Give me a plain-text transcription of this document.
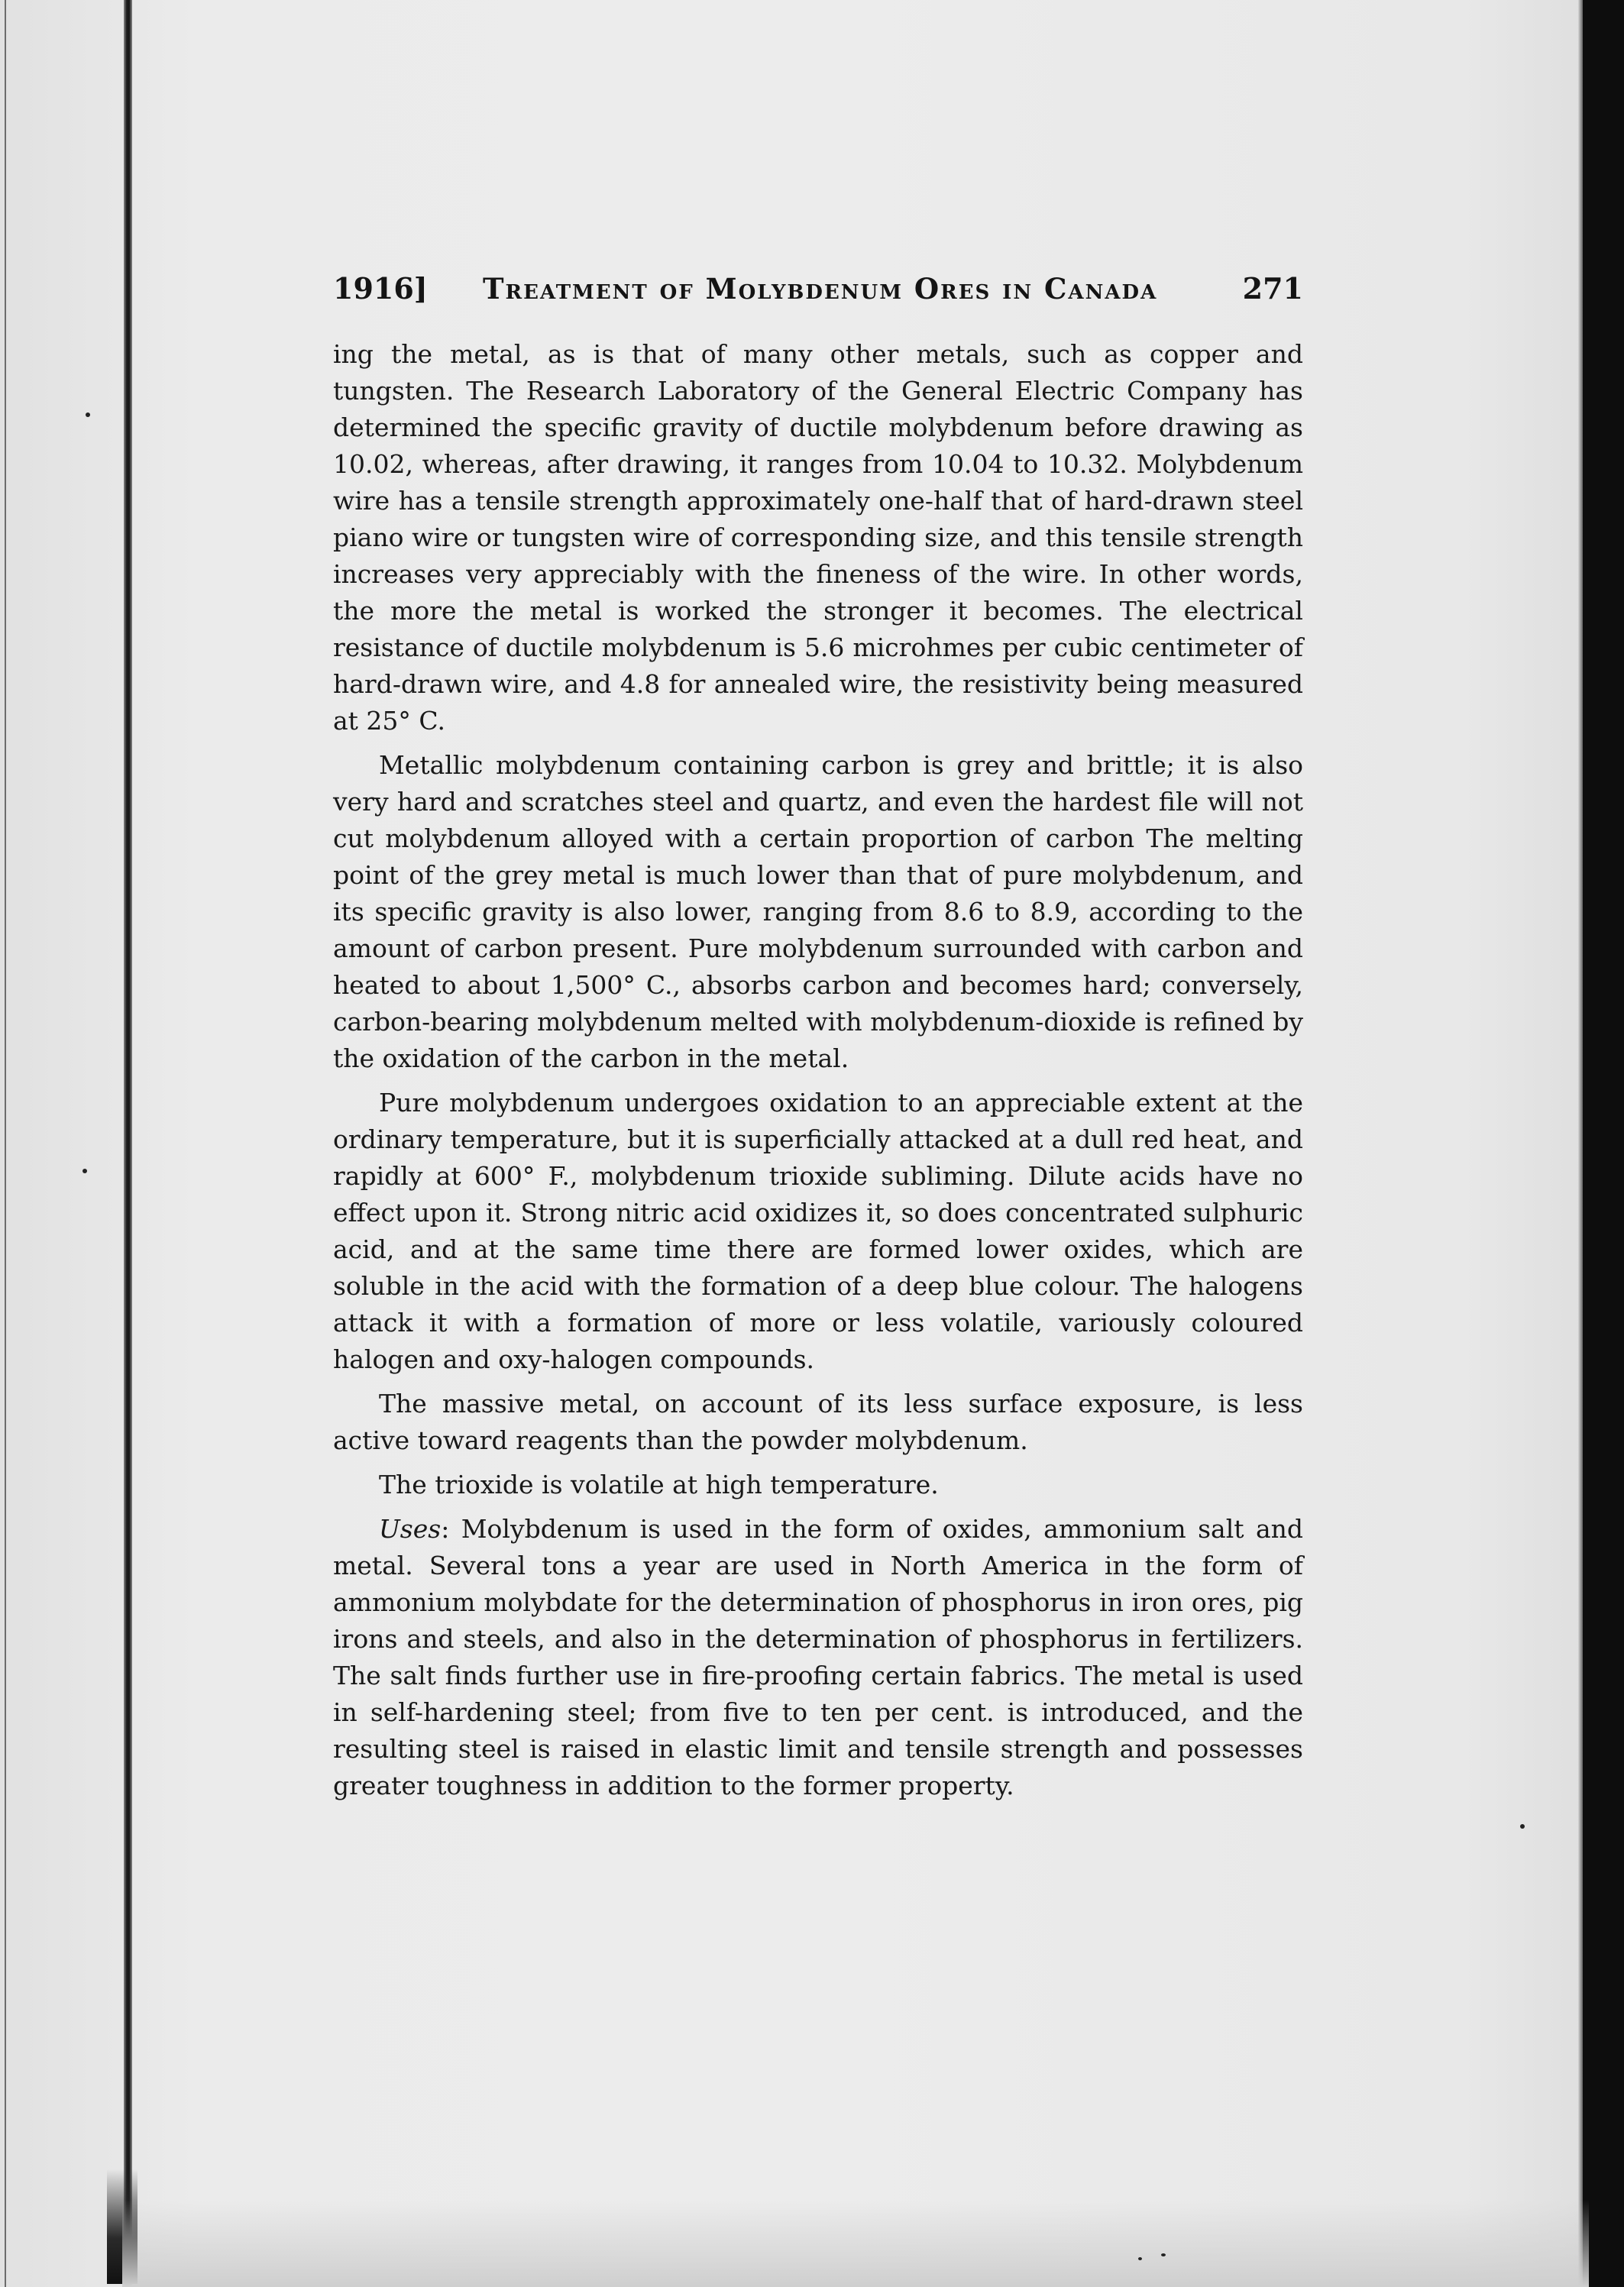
1916] Treatment of Molybdenum Ores in Canada	271

ing the metal, as is that of many other metals, such as copper and tungsten. The Research Laboratory of the General Electric Company has determined the specific gravity of ductile molybdenum before drawing as 10.02, whereas, after drawing, it ranges from 10.04 to 10.32. Molybdenum wire has a tensile strength approximately one-half that of hard-drawn steel piano wire or tungsten wire of corresponding size, and this tensile strength increases very appreciably with the fineness of the wire. In other words, the more the metal is worked the stronger it becomes. The electrical resistance of ductile molybdenum is 5.6 microhmes per cubic centimeter of hard-drawn wire, and 4.8 for annealed wire, the resistivity being measured at 25° C.

Metallic molybdenum containing carbon is grey and brittle; it is also very hard and scratches steel and quartz, and even the hardest file will not cut molybdenum alloyed with a certain proportion of carbon The melting point of the grey metal is much lower than that of pure molybdenum, and its specific gravity is also lower, ranging from 8.6 to 8.9, according to the amount of carbon present. Pure molybdenum surrounded with carbon and heated to about 1,500° C., absorbs carbon and becomes hard; conversely, carbon-bearing molybdenum melted with molybdenum-dioxide is refined by the oxidation of the carbon in the metal.

Pure molybdenum undergoes oxidation to an appreciable extent at the ordinary temperature, but it is superficially attacked at a dull red heat, and rapidly at 600° F., molybdenum trioxide subliming. Dilute acids have no effect upon it. Strong nitric acid oxidizes it, so does concentrated sulphuric acid, and at the same time there are formed lower oxides, which are soluble in the acid with the formation of a deep blue colour. The halogens attack it with a formation of more or less volatile, variously coloured halogen and oxy-halogen compounds.

The massive metal, on account of its less surface exposure, is less active toward reagents than the powder molybdenum.

The trioxide is volatile at high temperature.

Uses: Molybdenum is used in the form of oxides, ammonium salt and metal. Several tons a year are used in North America in the form of ammonium molybdate for the determination of phosphorus in iron ores, pig irons and steels, and also in the determination of phosphorus in fertilizers. The salt finds further use in fire-proofing certain fabrics. The metal is used in self-hardening steel; from five to ten per cent. is introduced, and the resulting steel is raised in elastic limit and tensile strength and possesses greater toughness in addition to the former property.
